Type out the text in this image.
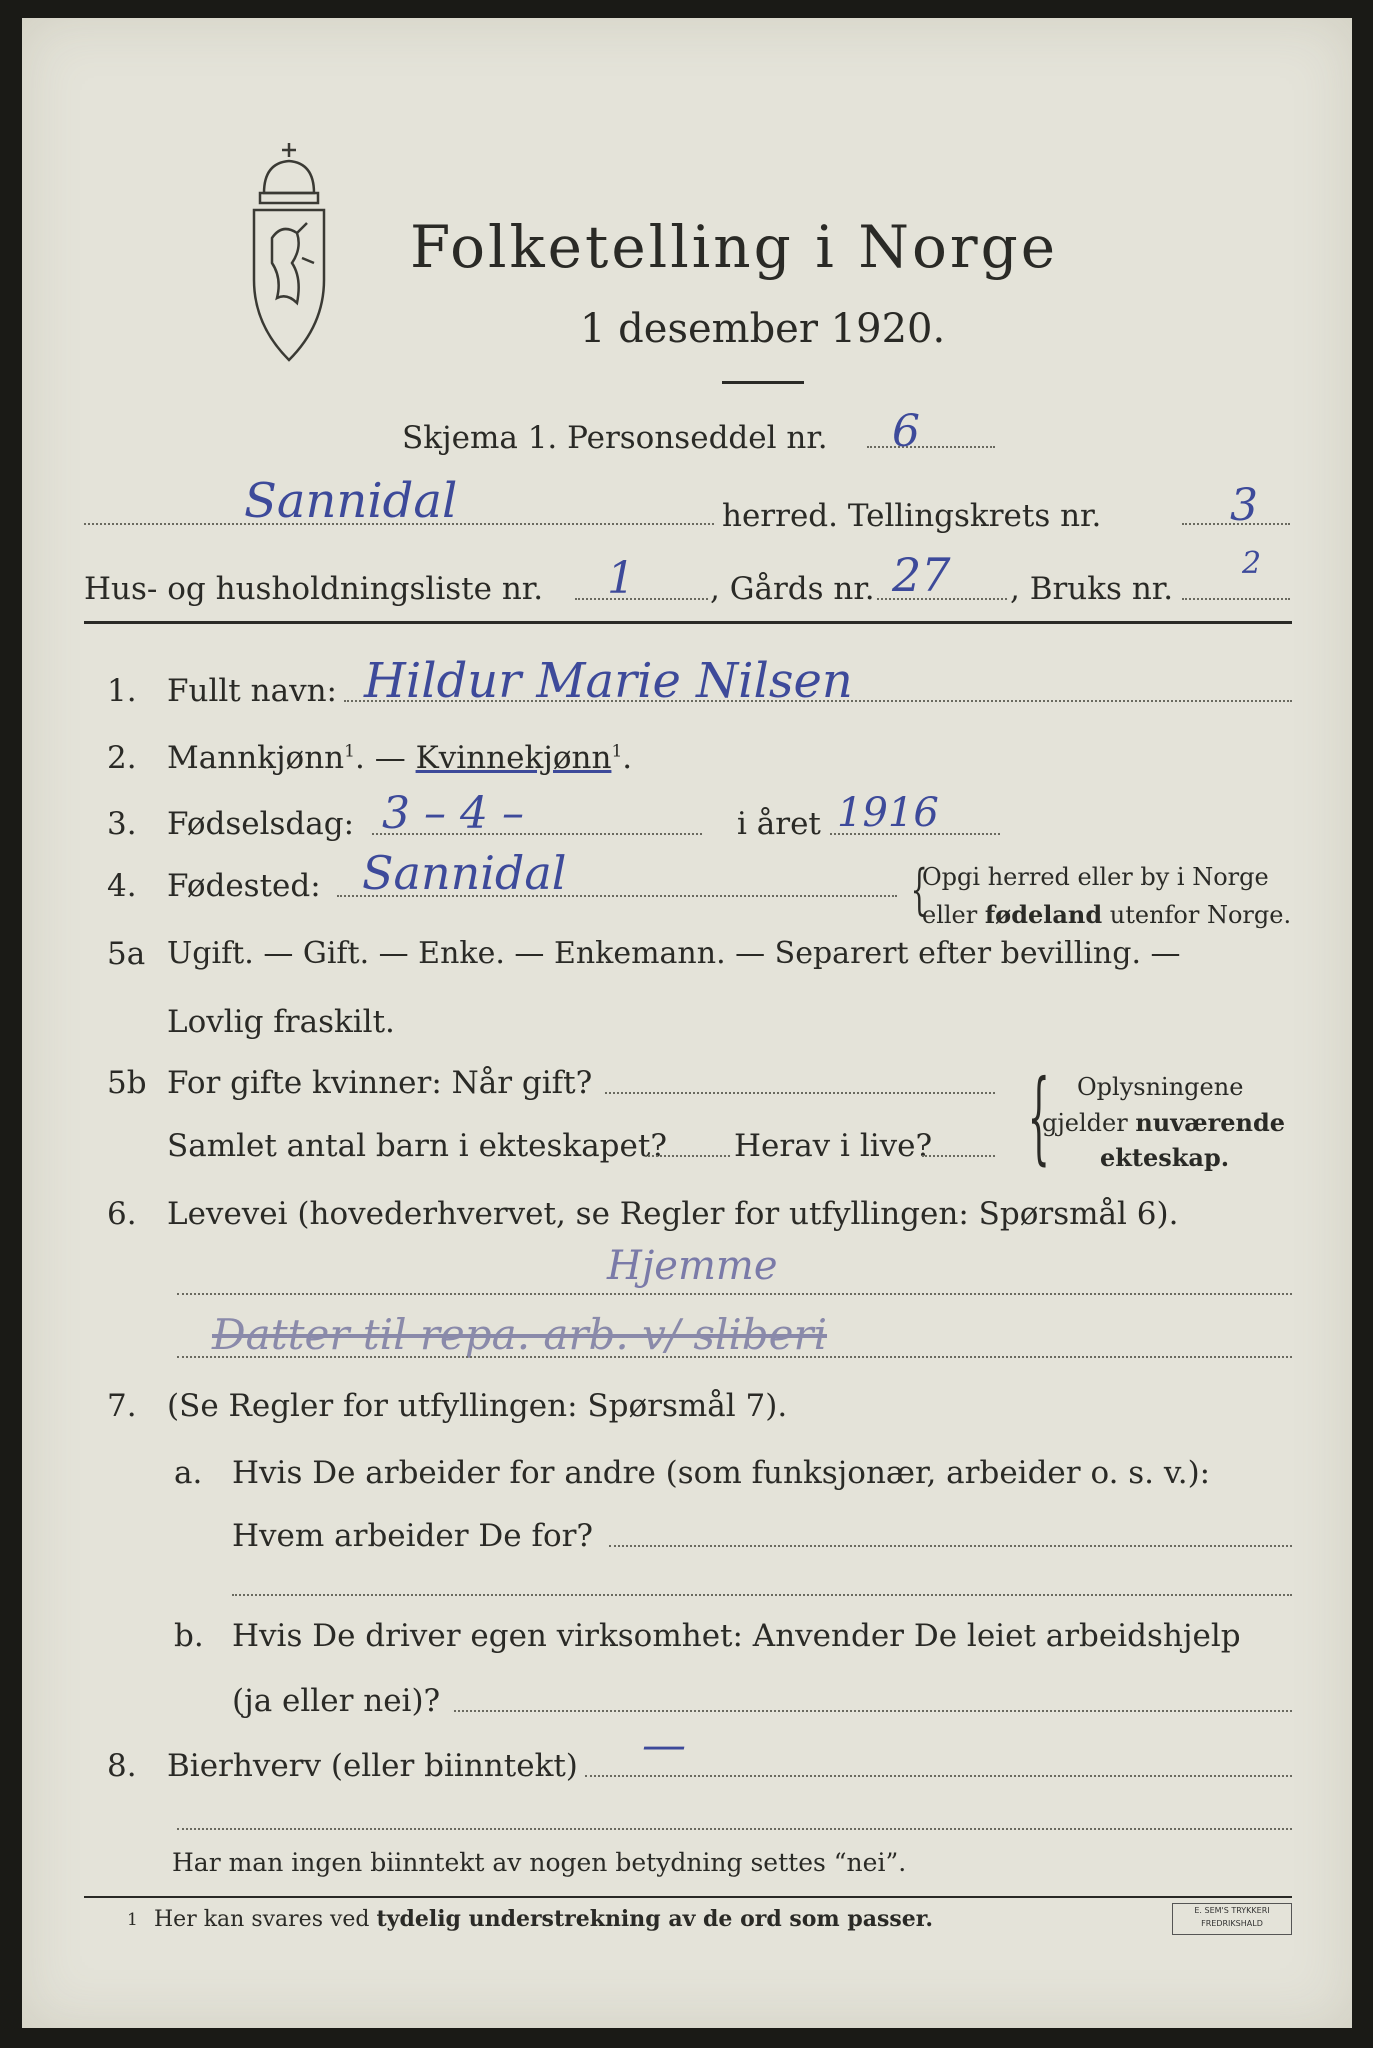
Folketelling i Norge
1 desember 1920.
Skjema 1. Personseddel nr. 6
Sannidal	herred. Tellingskrets nr.	3
Hus- og husholdningsliste nr. 1 , Gårds nr. 27 , Bruks nr.
2
1. Fullt navn: Hildur Marie Nilsen
2. Mannkjønn$^1$. — Kvinnekjønn$^1$.
3. Fødselsdag: 3 – 4 –	i året 1916
4. Fødested: Sannidal	{
Opgi herred eller by i Norge
eller fødeland utenfor Norge.
5a Ugift. — Gift. — Enke. — Enkemann. — Separert efter bevilling. —
Lovlig fraskilt.
5b For gifte kvinner: Når gift?
Samlet antal barn i ekteskapet? Herav i live? { Oplysningene
gjelder nuværende
ekteskap.
6. Levevei (hovederhvervet, se Regler for utfyllingen: Spørsmål 6).
Hjemme
Datter til repa. arb. v/ sliberi
7. (Se Regler for utfyllingen: Spørsmål 7).
a. Hvis De arbeider for andre (som funksjonær, arbeider o. s. v.):
Hvem arbeider De for?
b. Hvis De driver egen virksomhet: Anvender De leiet arbeidshjelp
(ja eller nei)?
8. Bierhverv (eller biinntekt) —
Har man ingen biinntekt av nogen betydning settes “nei”.
1 Her kan svares ved tydelig understrekning av de ord som passer.	E. SEM'S TRYKKERI
FREDRIKSHALD
